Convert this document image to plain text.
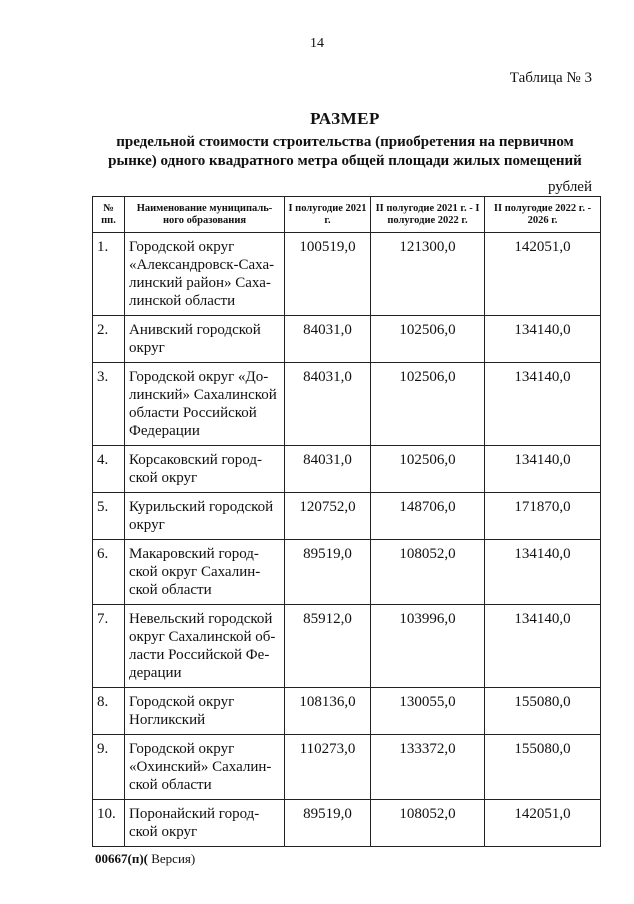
14
Таблица № 3
РАЗМЕР
предельной стоимости строительства (приобретения на первичном
рынке) одного квадратного метра общей площади жилых помещений
рублей
№ пп.	Наименование муниципаль-ного образования	I полугодие 2021 г.	II полугодие 2021 г. - I полугодие 2022 г.	II полугодие 2022 г. - 2026 г.
1.	Городской округ «Александровск-Саха-линский район» Саха-линской области	100519,0	121300,0	142051,0
2.	Анивский городской округ	84031,0	102506,0	134140,0
3.	Городской округ «До-линский» Сахалинской области Российской Федерации	84031,0	102506,0	134140,0
4.	Корсаковский город-ской округ	84031,0	102506,0	134140,0
5.	Курильский городской округ	120752,0	148706,0	171870,0
6.	Макаровский город-ской округ Сахалин-ской области	89519,0	108052,0	134140,0
7.	Невельский городской округ Сахалинской об-ласти Российской Фе-дерации	85912,0	103996,0	134140,0
8.	Городской округ Ногликский	108136,0	130055,0	155080,0
9.	Городской округ «Охинский» Сахалин-ской области	110273,0	133372,0	155080,0
10.	Поронайский город-ской округ	89519,0	108052,0	142051,0
00667(п)( Версия)
